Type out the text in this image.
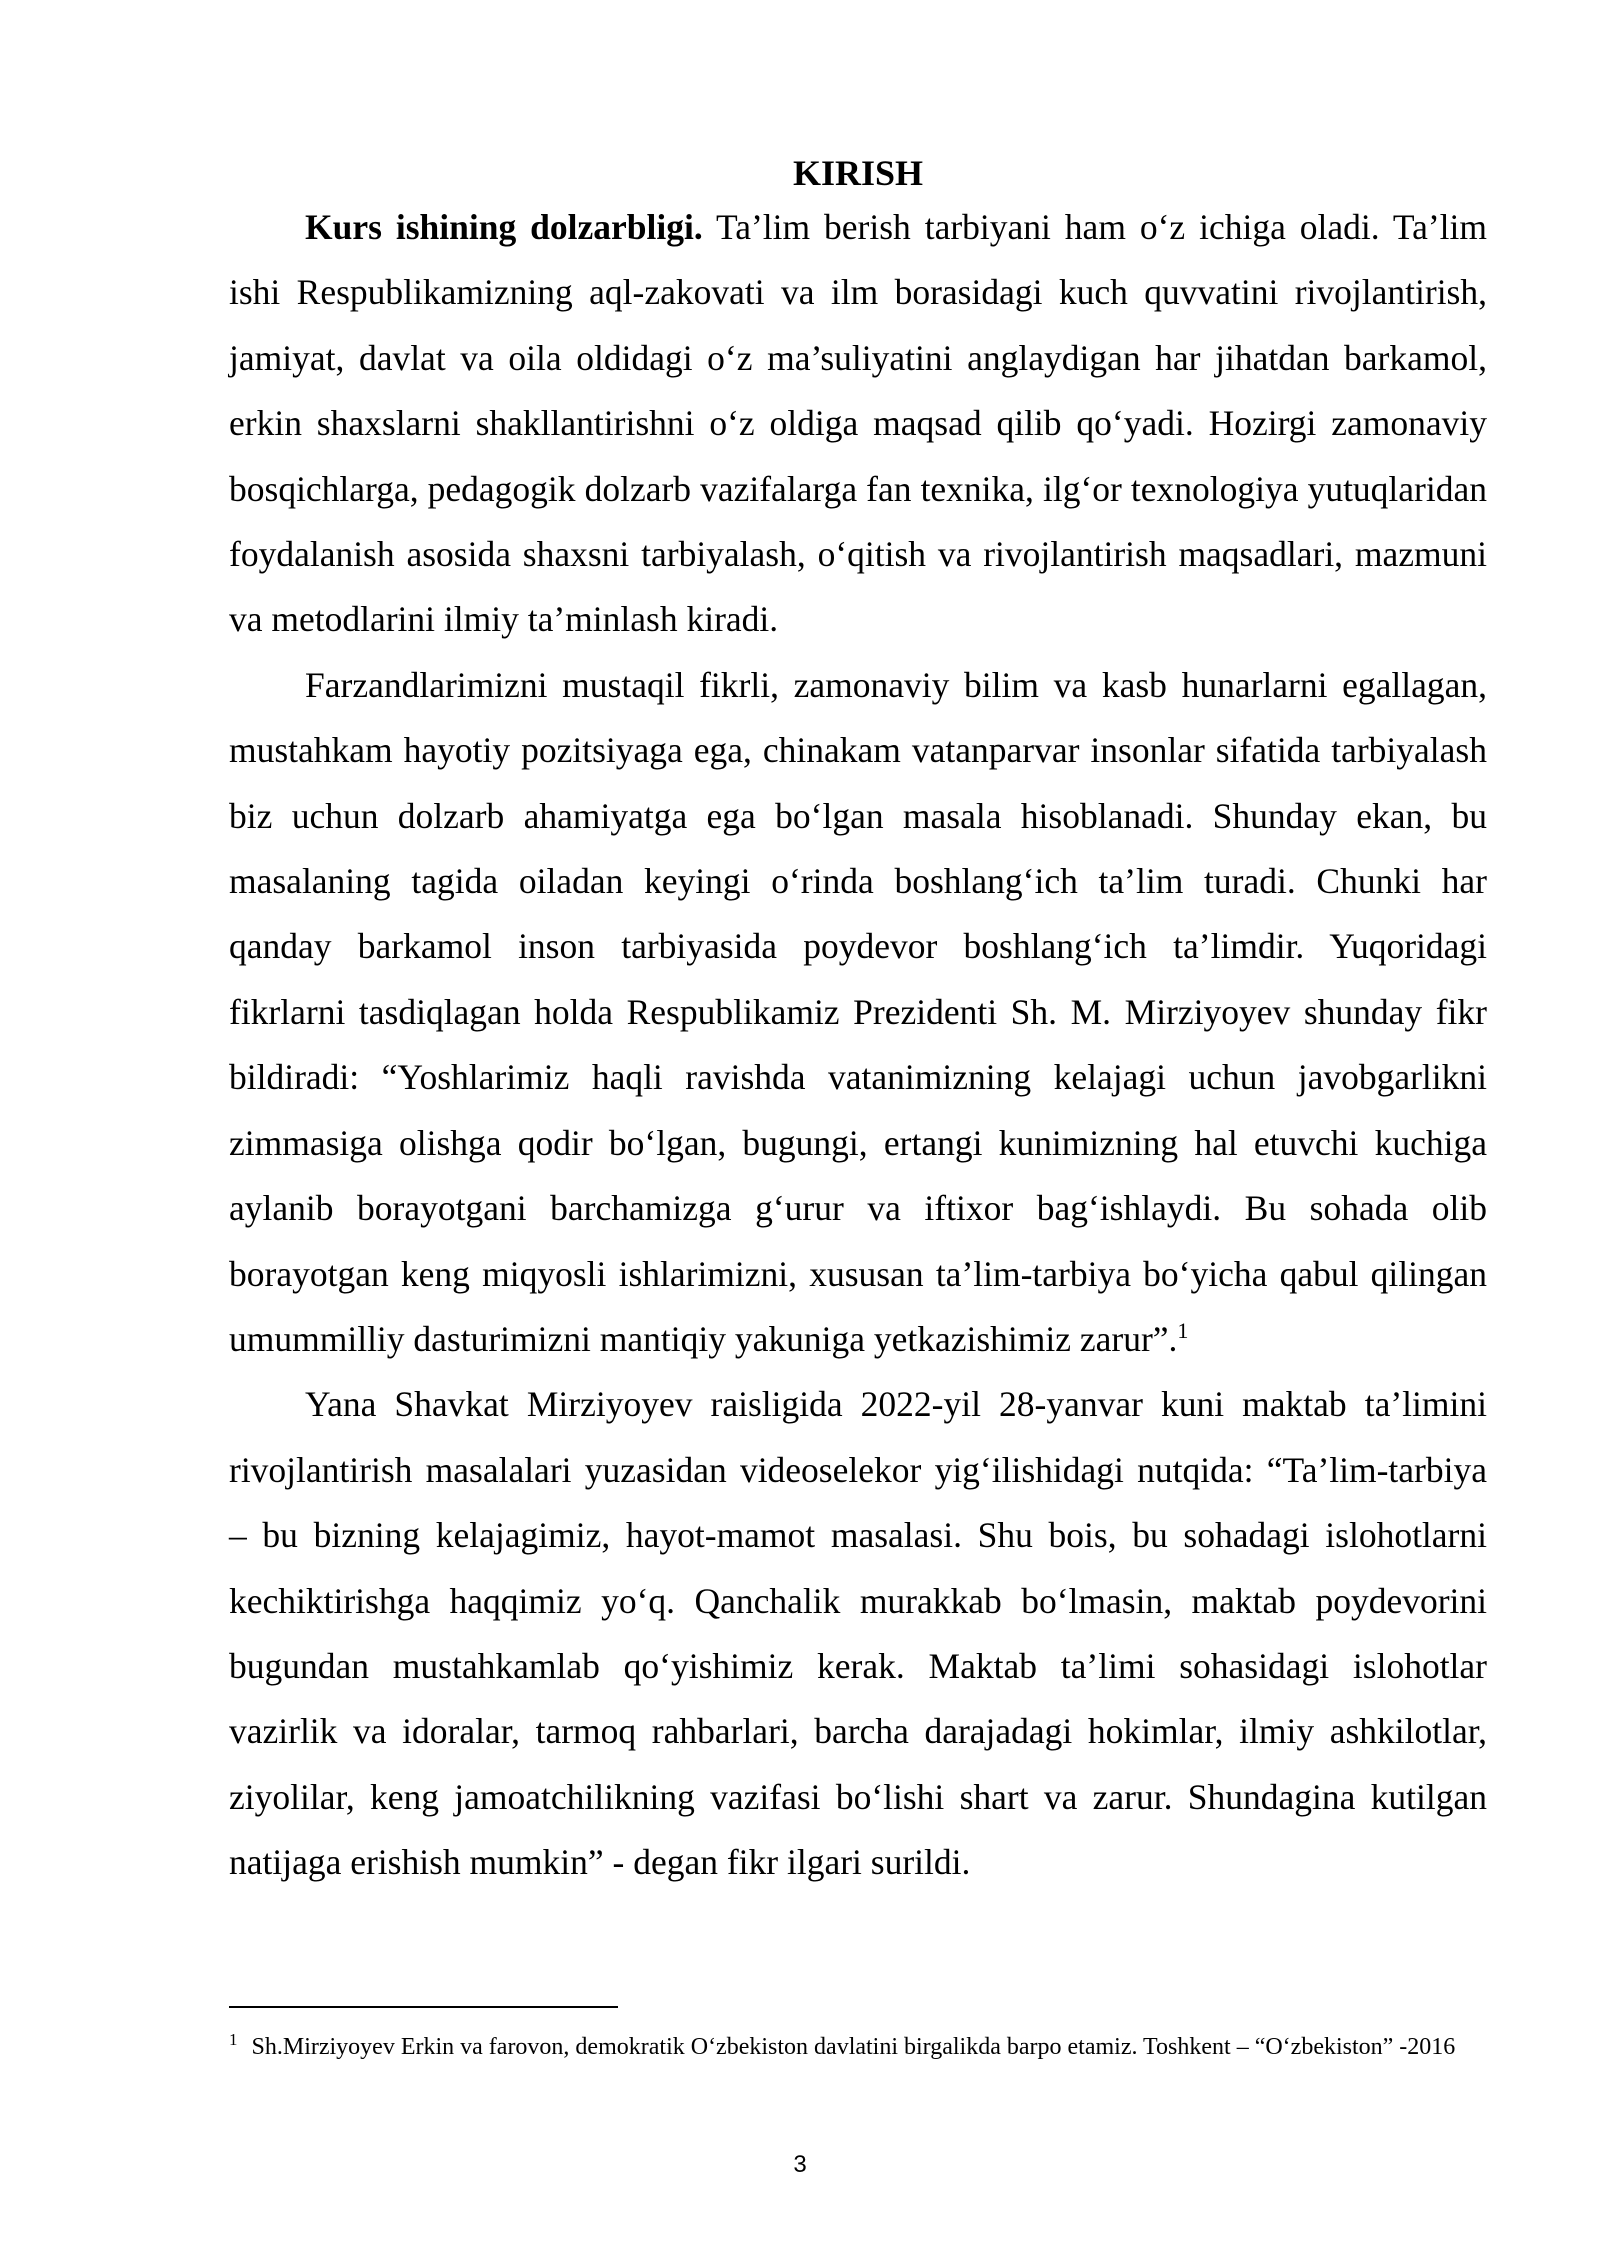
KIRISH

Kurs ishining dolzarbligi. Ta’lim berish tarbiyani ham o‘z ichiga oladi. Ta’lim ishi Respublikamizning aql-zakovati va ilm borasidagi kuch quvvatini rivojlantirish, jamiyat, davlat va oila oldidagi o‘z ma’suliyatini anglaydigan har jihatdan barkamol, erkin shaxslarni shakllantirishni o‘z oldiga maqsad qilib qo‘yadi. Hozirgi zamonaviy bosqichlarga, pedagogik dolzarb vazifalarga fan texnika, ilg‘or texnologiya yutuqlaridan foydalanish asosida shaxsni tarbiyalash, o‘qitish va rivojlantirish maqsadlari, mazmuni va metodlarini ilmiy ta’minlash kiradi.

Farzandlarimizni mustaqil fikrli, zamonaviy bilim va kasb hunarlarni egallagan, mustahkam hayotiy pozitsiyaga ega, chinakam vatanparvar insonlar sifatida tarbiyalash biz uchun dolzarb ahamiyatga ega bo‘lgan masala hisoblanadi. Shunday ekan, bu masalaning tagida oiladan keyingi o‘rinda boshlang‘ich ta’lim turadi. Chunki har qanday barkamol inson tarbiyasida poydevor boshlang‘ich ta’limdir. Yuqoridagi fikrlarni tasdiqlagan holda Respublikamiz Prezidenti Sh. M. Mirziyoyev shunday fikr bildiradi: “Yoshlarimiz haqli ravishda vatanimizning kelajagi uchun javobgarlikni zimmasiga olishga qodir bo‘lgan, bugungi, ertangi kunimizning hal etuvchi kuchiga aylanib borayotgani barchamizga g‘urur va iftixor bag‘ishlaydi. Bu sohada olib borayotgan keng miqyosli ishlarimizni, xususan ta’lim-tarbiya bo‘yicha qabul qilingan umummilliy dasturimizni mantiqiy yakuniga yetkazishimiz zarur”.$^1$

Yana Shavkat Mirziyoyev raisligida 2022-yil 28-yanvar kuni maktab ta’limini rivojlantirish masalalari yuzasidan videoselekor yig‘ilishidagi nutqida: “Ta’lim-tarbiya – bu bizning kelajagimiz, hayot-mamot masalasi. Shu bois, bu sohadagi islohotlarni kechiktirishga haqqimiz yo‘q. Qanchalik murakkab bo‘lmasin, maktab poydevorini bugundan mustahkamlab qo‘yishimiz kerak. Maktab ta’limi sohasidagi islohotlar vazirlik va idoralar, tarmoq rahbarlari, barcha darajadagi hokimlar, ilmiy ashkilotlar, ziyolilar, keng jamoatchilikning vazifasi bo‘lishi shart va zarur. Shundagina kutilgan natijaga erishish mumkin” - degan fikr ilgari surildi.

$^1$ Sh.Mirziyoyev Erkin va farovon, demokratik O‘zbekiston davlatini birgalikda barpo etamiz. Toshkent – “O‘zbekiston” -2016

3
